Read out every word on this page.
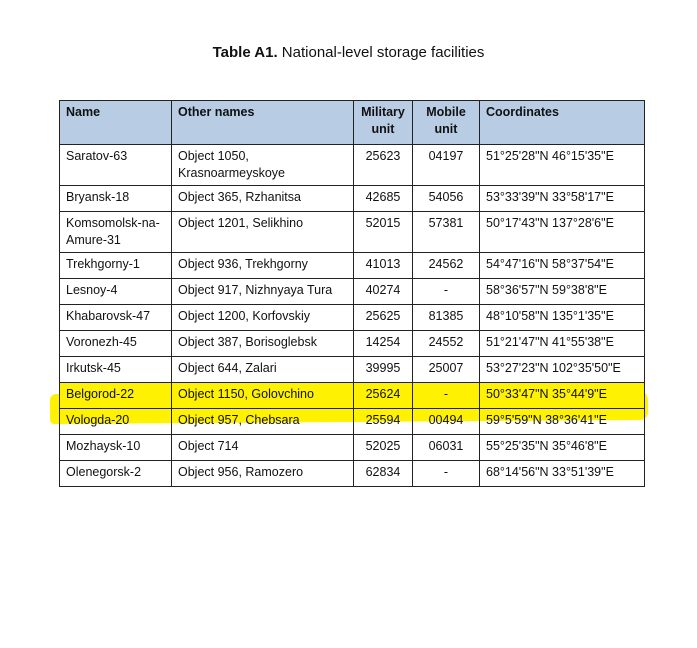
Table A1. National-level storage facilities
Name	Other names	Military unit	Mobile unit	Coordinates
Saratov-63	Object 1050, Krasnoarmeyskoye	25623	04197	51°25'28"N 46°15'35"E
Bryansk-18	Object 365, Rzhanitsa	42685	54056	53°33'39"N 33°58'17"E
Komsomolsk-na-Amure-31	Object 1201, Selikhino	52015	57381	50°17'43"N 137°28'6"E
Trekhgorny-1	Object 936, Trekhgorny	41013	24562	54°47'16"N 58°37'54"E
Lesnoy-4	Object 917, Nizhnyaya Tura	40274	-	58°36'57"N 59°38'8"E
Khabarovsk-47	Object 1200, Korfovskiy	25625	81385	48°10'58"N 135°1'35"E
Voronezh-45	Object 387, Borisoglebsk	14254	24552	51°21'47"N 41°55'38"E
Irkutsk-45	Object 644, Zalari	39995	25007	53°27'23"N 102°35'50"E
Belgorod-22	Object 1150, Golovchino	25624	-	50°33'47"N 35°44'9"E
Vologda-20	Object 957, Chebsara	25594	00494	59°5'59"N 38°36'41"E
Mozhaysk-10	Object 714	52025	06031	55°25'35"N 35°46'8"E
Olenegorsk-2	Object 956, Ramozero	62834	-	68°14'56"N 33°51'39"E
